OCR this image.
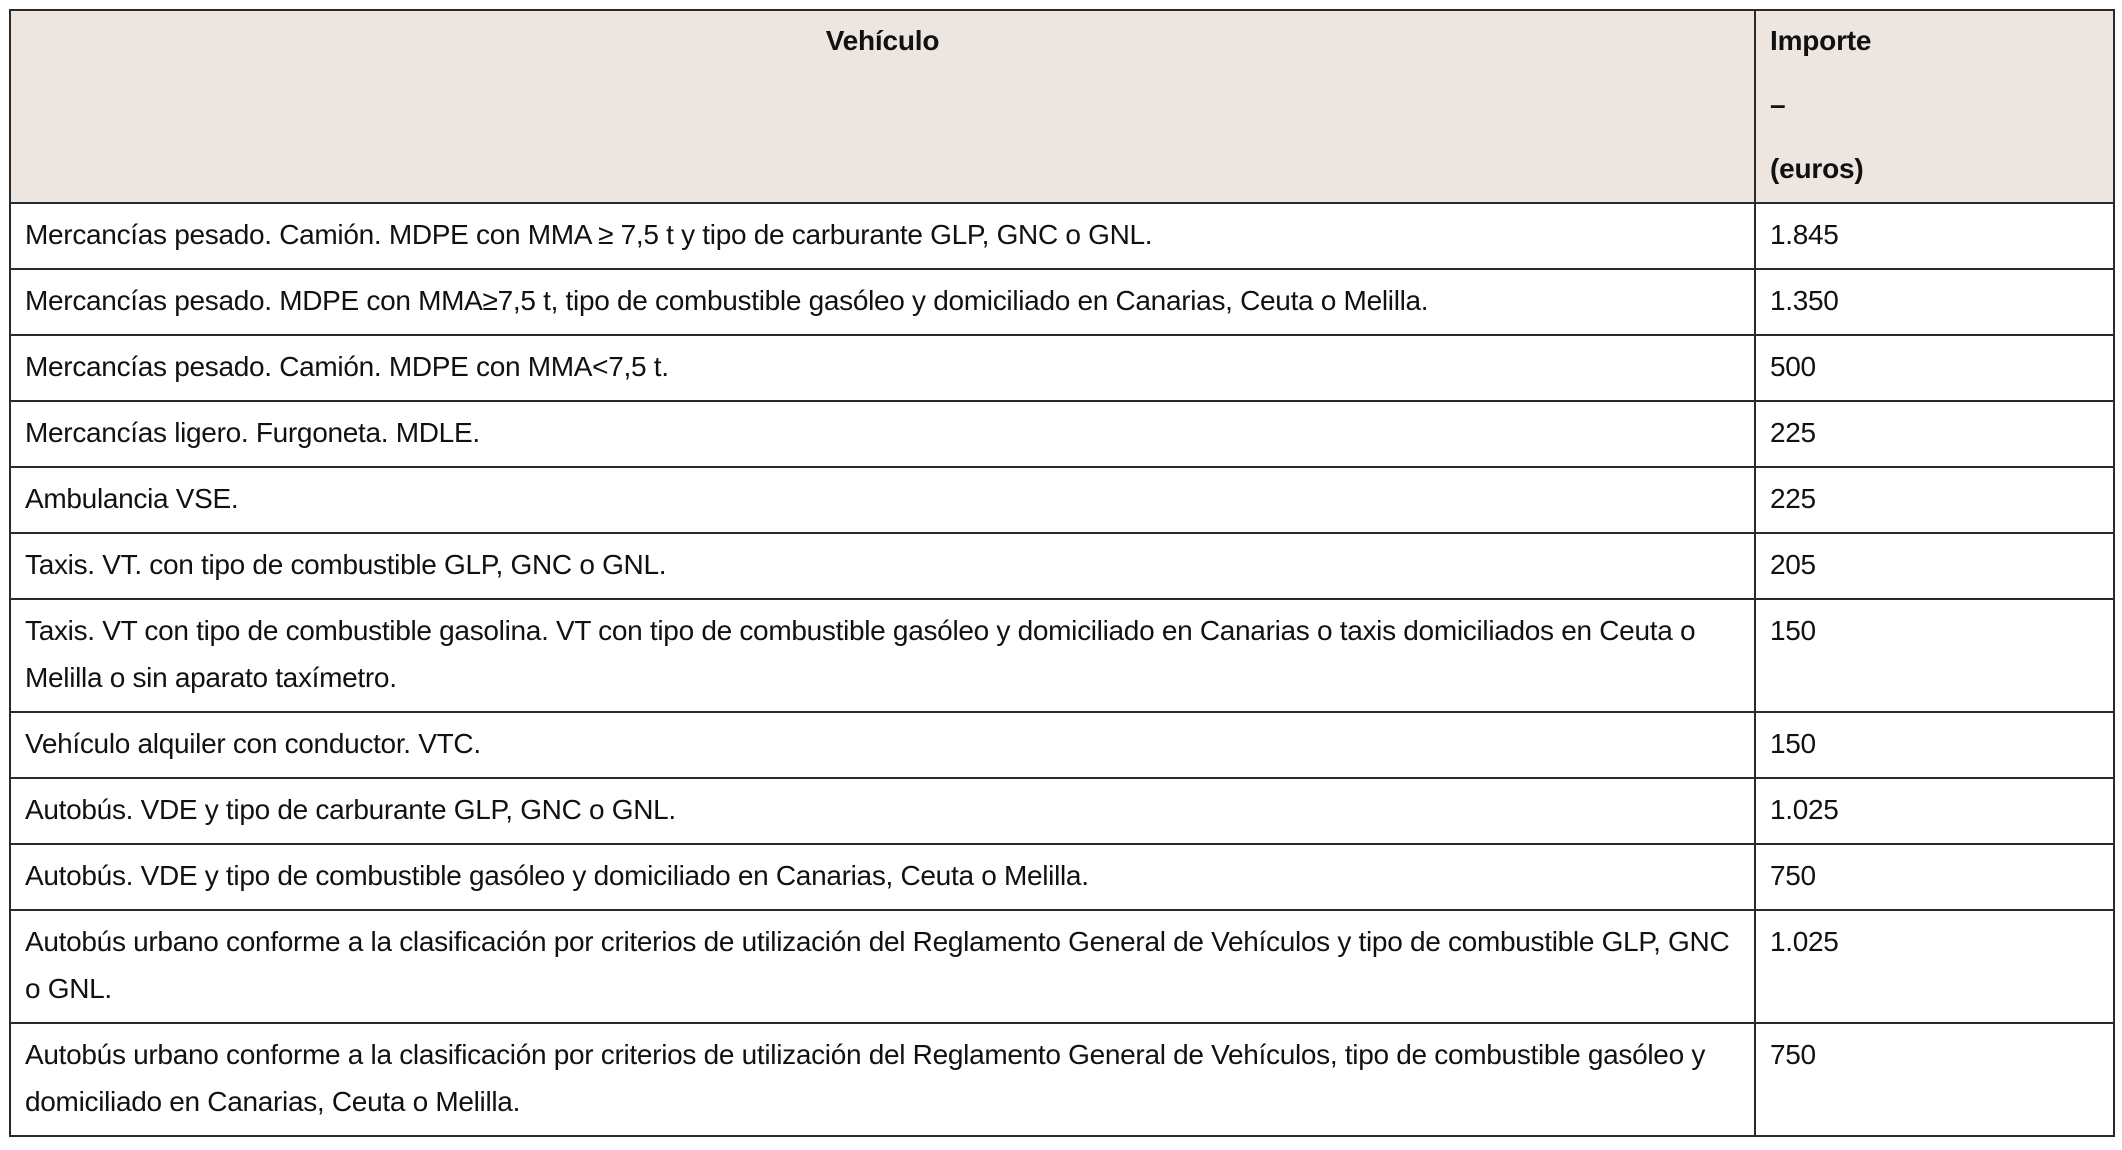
Vehículo	Importe
–
(euros)

Mercancías pesado. Camión. MDPE con MMA ≥ 7,5 t y tipo de carburante GLP, GNC o GNL.	1.845
Mercancías pesado. MDPE con MMA≥7,5 t, tipo de combustible gasóleo y domiciliado en Canarias, Ceuta o Melilla.	1.350
Mercancías pesado. Camión. MDPE con MMA<7,5 t.	500
Mercancías ligero. Furgoneta. MDLE.	225
Ambulancia VSE.	225
Taxis. VT. con tipo de combustible GLP, GNC o GNL.	205
Taxis. VT con tipo de combustible gasolina. VT con tipo de combustible gasóleo y domiciliado en Canarias o taxis domiciliados en Ceuta o Melilla o sin aparato taxímetro.	150
Vehículo alquiler con conductor. VTC.	150
Autobús. VDE y tipo de carburante GLP, GNC o GNL.	1.025
Autobús. VDE y tipo de combustible gasóleo y domiciliado en Canarias, Ceuta o Melilla.	750
Autobús urbano conforme a la clasificación por criterios de utilización del Reglamento General de Vehículos y tipo de combustible GLP, GNC o GNL.	1.025
Autobús urbano conforme a la clasificación por criterios de utilización del Reglamento General de Vehículos, tipo de combustible gasóleo y domiciliado en Canarias, Ceuta o Melilla.	750
